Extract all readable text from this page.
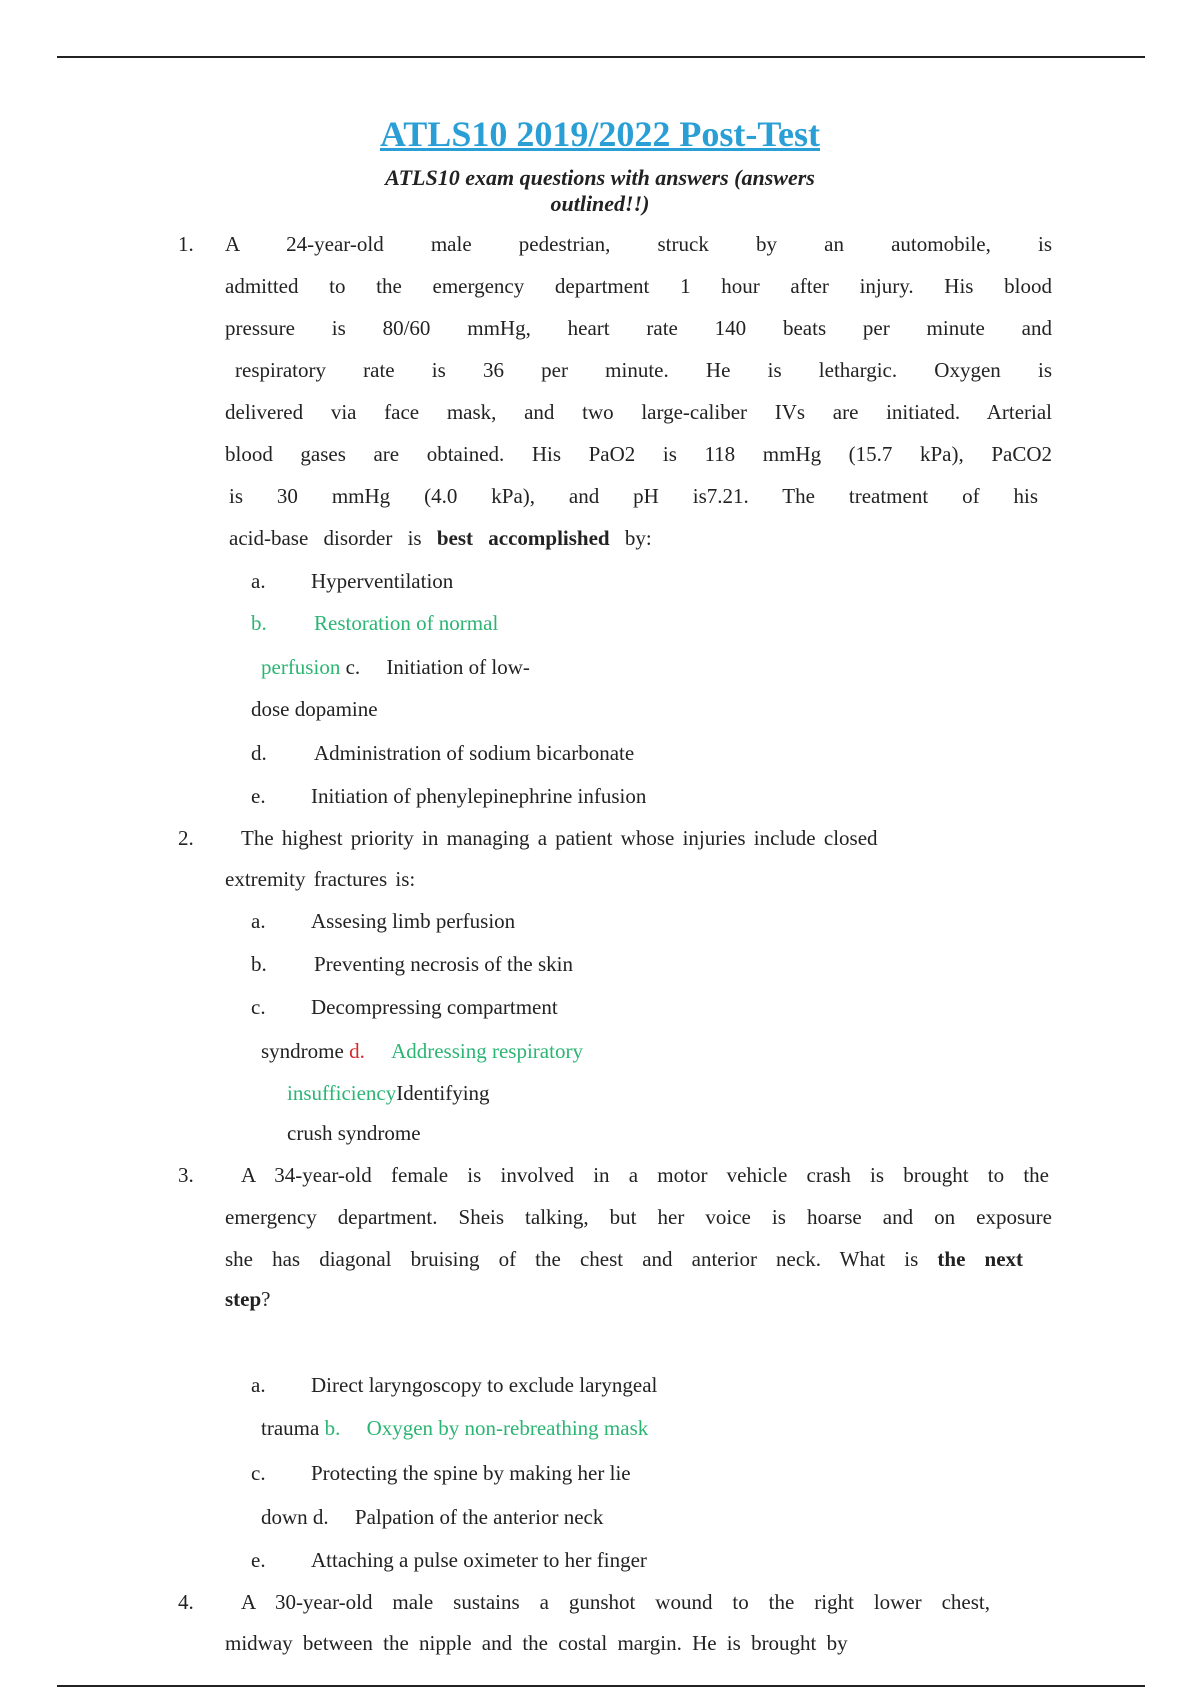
ATLS10 2019/2022 Post-Test
ATLS10 exam questions with answers (answers outlined!!)
1. A 24-year-old male pedestrian, struck by an automobile, is
admitted to the emergency department 1 hour after injury. His blood
pressure is 80/60 mmHg, heart rate 140 beats per minute and
respiratory rate is 36 per minute. He is lethargic. Oxygen is
delivered via face mask, and two large-caliber IVs are initiated. Arterial
blood gases are obtained. His PaO2 is 118 mmHg (15.7 kPa), PaCO2
is 30 mmHg (4.0 kPa), and pH is7.21. The treatment of his
acid-base disorder is best accomplished by:
a. Hyperventilation
b. Restoration of normal
perfusion c. Initiation of low-
dose dopamine
d. Administration of sodium bicarbonate
e. Initiation of phenylepinephrine infusion
2. The highest priority in managing a patient whose injuries include closed
extremity fractures is:
a. Assesing limb perfusion
b. Preventing necrosis of the skin
c. Decompressing compartment
syndrome d. Addressing respiratory
insufficiencyIdentifying
crush syndrome
3. A 34-year-old female is involved in a motor vehicle crash is brought to the
emergency department. Sheis talking, but her voice is hoarse and on exposure
she has diagonal bruising of the chest and anterior neck. What is the next
step?
a. Direct laryngoscopy to exclude laryngeal
trauma b. Oxygen by non-rebreathing mask
c. Protecting the spine by making her lie
down d. Palpation of the anterior neck
e. Attaching a pulse oximeter to her finger
4. A 30-year-old male sustains a gunshot wound to the right lower chest,
midway between the nipple and the costal margin. He is brought by
